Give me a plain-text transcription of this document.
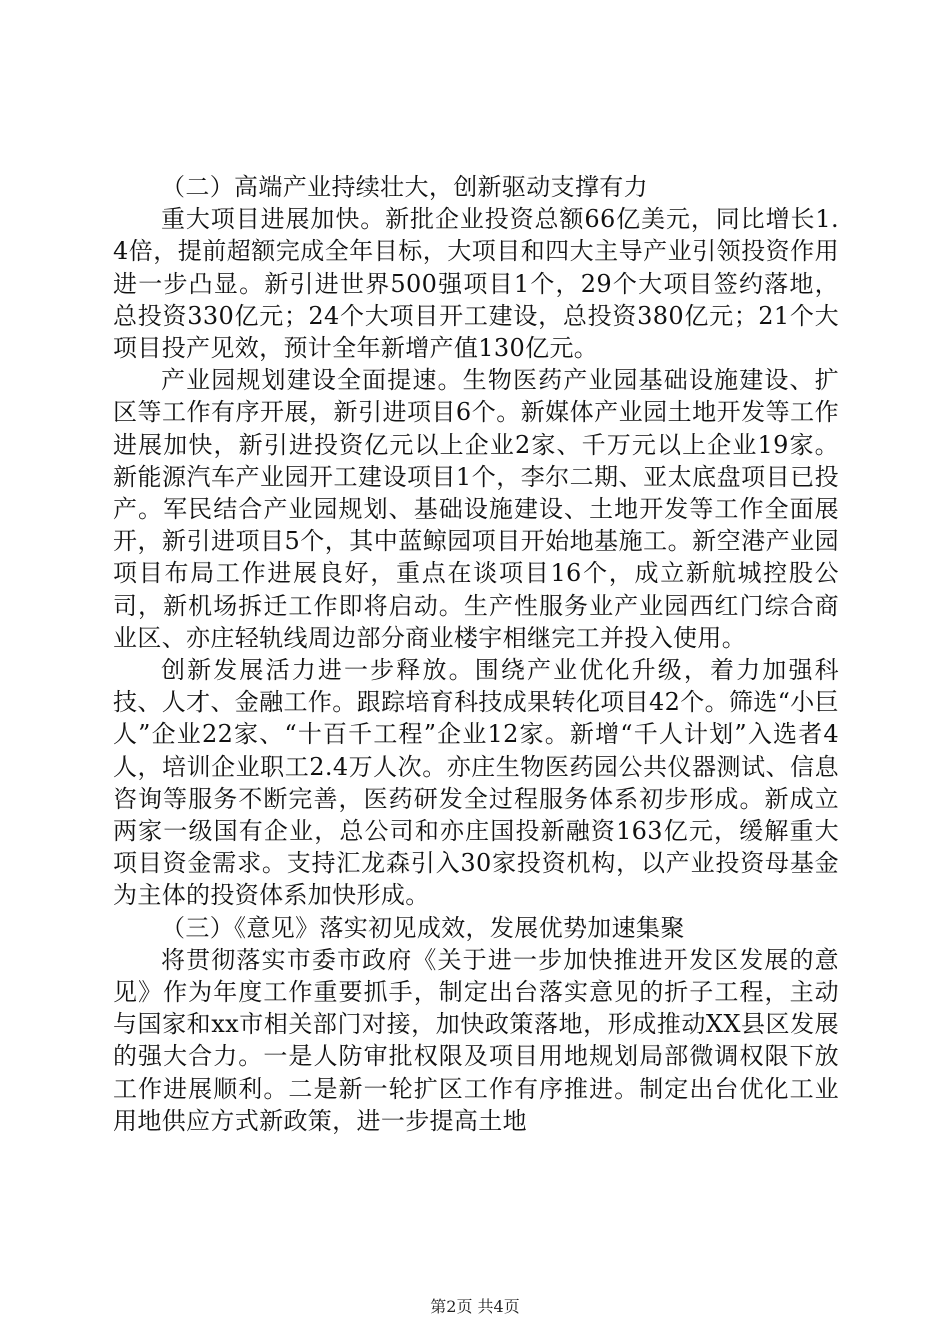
（二）高端产业持续壮大，创新驱动支撑有力

重大项目进展加快。新批企业投资总额66亿美元，同比增长1.4倍，提前超额完成全年目标，大项目和四大主导产业引领投资作用进一步凸显。新引进世界500强项目1个，29个大项目签约落地，总投资330亿元；24个大项目开工建设，总投资380亿元；21个大项目投产见效，预计全年新增产值130亿元。

产业园规划建设全面提速。生物医药产业园基础设施建设、扩区等工作有序开展，新引进项目6个。新媒体产业园土地开发等工作进展加快，新引进投资亿元以上企业2家、千万元以上企业19家。新能源汽车产业园开工建设项目1个，李尔二期、亚太底盘项目已投产。军民结合产业园规划、基础设施建设、土地开发等工作全面展开，新引进项目5个，其中蓝鲸园项目开始地基施工。新空港产业园项目布局工作进展良好，重点在谈项目16个，成立新航城控股公司，新机场拆迁工作即将启动。生产性服务业产业园西红门综合商业区、亦庄轻轨线周边部分商业楼宇相继完工并投入使用。

创新发展活力进一步释放。围绕产业优化升级，着力加强科技、人才、金融工作。跟踪培育科技成果转化项目42个。筛选“小巨人”企业22家、“十百千工程”企业12家。新增“千人计划”入选者4人，培训企业职工2.4万人次。亦庄生物医药园公共仪器测试、信息咨询等服务不断完善，医药研发全过程服务体系初步形成。新成立两家一级国有企业，总公司和亦庄国投新融资163亿元，缓解重大项目资金需求。支持汇龙森引入30家投资机构，以产业投资母基金为主体的投资体系加快形成。

（三）《意见》落实初见成效，发展优势加速集聚

将贯彻落实市委市政府《关于进一步加快推进开发区发展的意见》作为年度工作重要抓手，制定出台落实意见的折子工程，主动与国家和xx市相关部门对接，加快政策落地，形成推动XX县区发展的强大合力。一是人防审批权限及项目用地规划局部微调权限下放工作进展顺利。二是新一轮扩区工作有序推进。制定出台优化工业用地供应方式新政策，进一步提高土地

第2页 共4页
